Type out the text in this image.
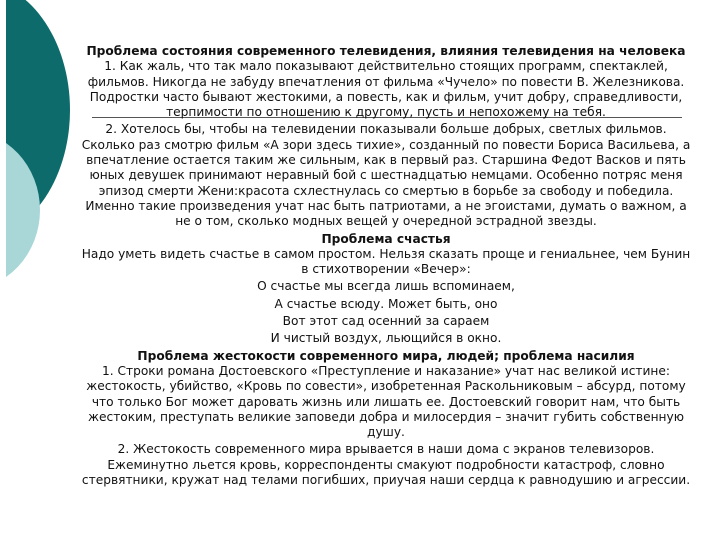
Проблема состояния современного телевидения, влияния телевидения на человека

1. Как жаль, что так мало показывают действительно стоящих программ, спектаклей, фильмов. Никогда не забуду впечатления от фильма «Чучело» по повести В. Железникова. Подростки часто бывают жестокими, а повесть, как и фильм, учит добру, справедливости, терпимости по отношению к другому, пусть и непохожему на тебя.

2. Хотелось бы, чтобы на телевидении показывали больше добрых, светлых фильмов. Сколько раз смотрю фильм «А зори здесь тихие», созданный по повести Бориса Васильева, а впечатление остается таким же сильным, как в первый раз. Старшина Федот Васков и пять юных девушек принимают неравный бой с шестнадцатью немцами. Особенно потряс меня эпизод смерти Жени:красота схлестнулась со смертью в борьбе за свободу и победила. Именно такие произведения учат нас быть патриотами, а не эгоистами, думать о важном, а не о том, сколько модных вещей у очередной эстрадной звезды.

Проблема счастья

Надо уметь видеть счастье в самом простом. Нельзя сказать проще и гениальнее, чем Бунин в стихотворении «Вечер»:

О счастье мы всегда лишь вспоминаем,

А счастье всюду. Может быть, оно

Вот этот сад осенний за сараем

И чистый воздух, льющийся в окно.

Проблема жестокости современного мира, людей; проблема насилия

1. Строки романа Достоевского «Преступление и наказание» учат нас великой истине: жестокость, убийство, «Кровь по совести», изобретенная Раскольниковым – абсурд, потому что только Бог может даровать жизнь или лишать ее. Достоевский говорит нам, что быть жестоким, преступать великие заповеди добра и милосердия – значит губить собственную душу.

2. Жестокость современного мира врывается в наши дома с экранов телевизоров. Ежеминутно льется кровь, корреспонденты смакуют подробности катастроф, словно стервятники, кружат над телами погибших, приучая наши сердца к равнодушию и агрессии.
